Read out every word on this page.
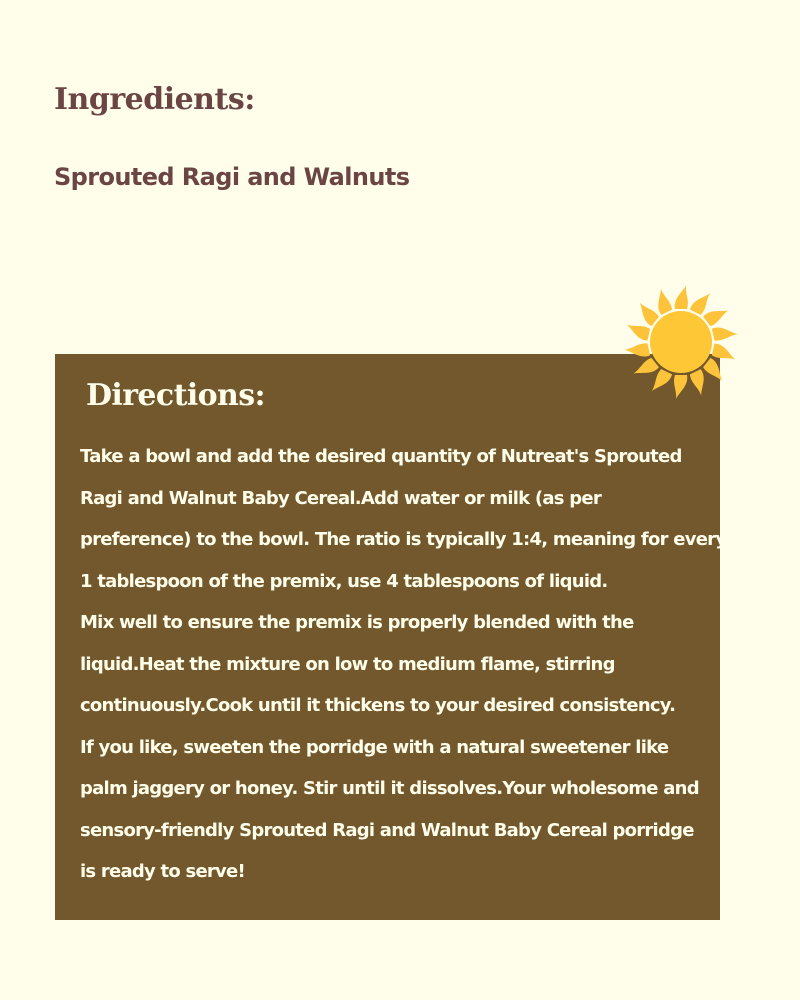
Ingredients:

Sprouted Ragi and Walnuts

Directions:

Take a bowl and add the desired quantity of Nutreat's Sprouted
Ragi and Walnut Baby Cereal.Add water or milk (as per
preference) to the bowl. The ratio is typically 1:4, meaning for every
1 tablespoon of the premix, use 4 tablespoons of liquid.
Mix well to ensure the premix is properly blended with the
liquid.Heat the mixture on low to medium flame, stirring
continuously.Cook until it thickens to your desired consistency.
If you like, sweeten the porridge with a natural sweetener like
palm jaggery or honey. Stir until it dissolves.Your wholesome and
sensory-friendly Sprouted Ragi and Walnut Baby Cereal porridge
is ready to serve!
